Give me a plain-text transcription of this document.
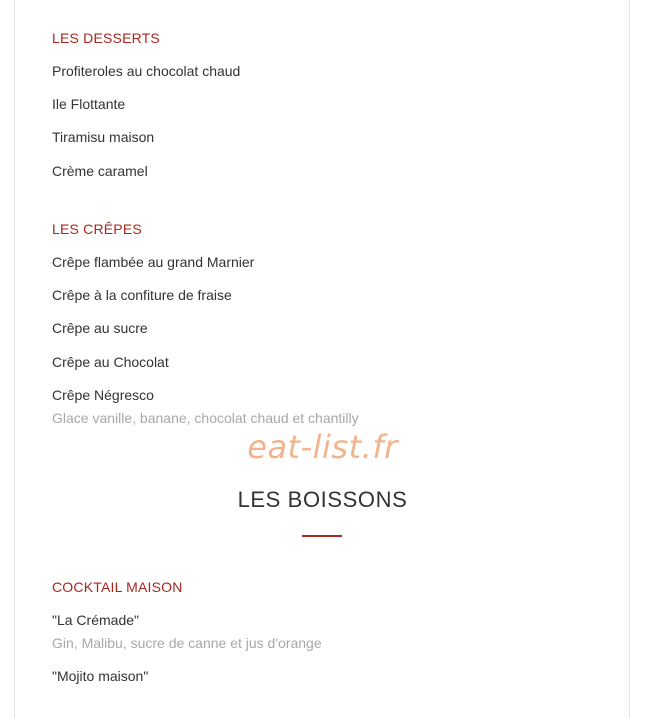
LES DESSERTS

Profiteroles au chocolat chaud

Ile Flottante

Tiramisu maison

Crème caramel

LES CRÊPES

Crêpe flambée au grand Marnier

Crêpe à la confiture de fraise

Crêpe au sucre

Crêpe au Chocolat

Crêpe Négresco

Glace vanille, banane, chocolat chaud et chantilly

eat-list.fr
LES BOISSONS
COCKTAIL MAISON

"La Crémade"

Gin, Malibu, sucre de canne et jus d'orange

"Mojito maison"
